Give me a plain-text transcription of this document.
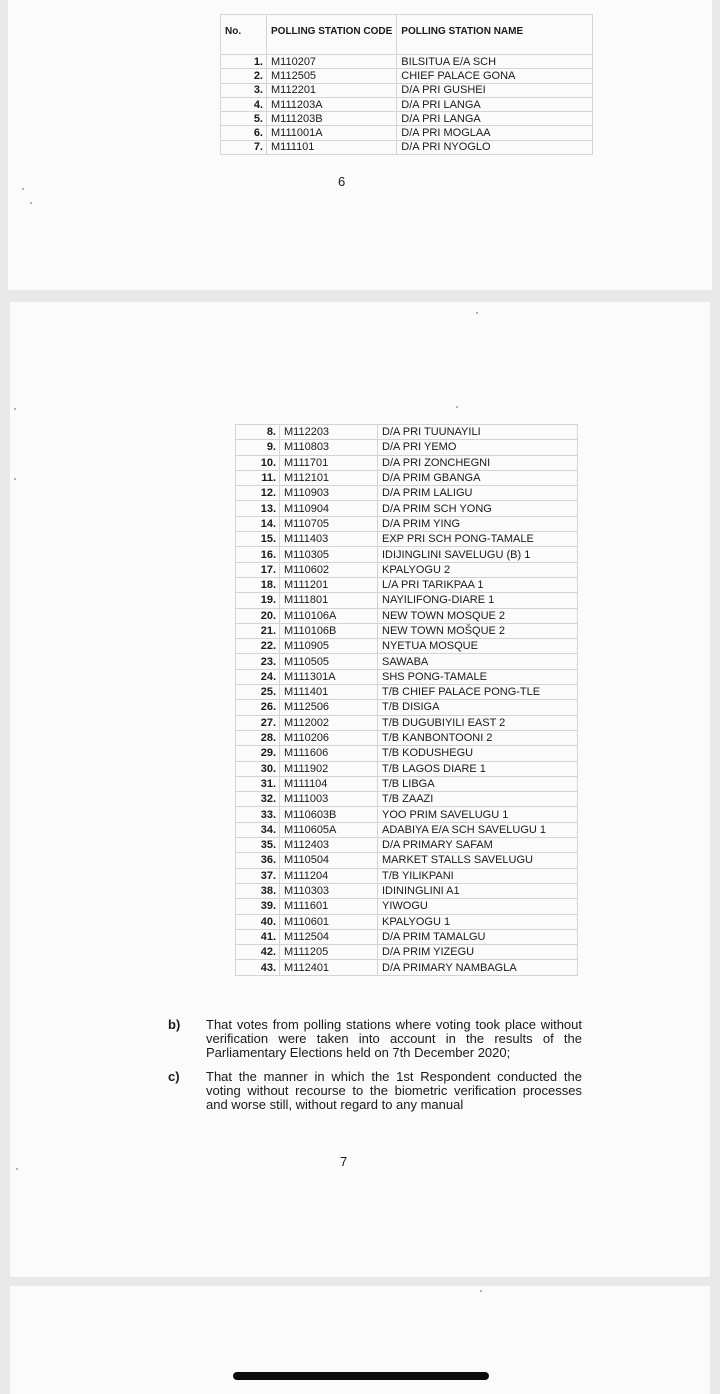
No.	POLLING STATION CODE	POLLING STATION NAME
1.	M110207	BILSITUA E/A SCH
2.	M112505	CHIEF PALACE GONA
3.	M112201	D/A PRI GUSHEI
4.	M111203A	D/A PRI LANGA
5.	M111203B	D/A PRI LANGA
6.	M111001A	D/A PRI MOGLAA
7.	M111101	D/A PRI NYOGLO
6
8.	M112203	D/A PRI TUUNAYILI
9.	M110803	D/A PRI YEMO
10.	M111701	D/A PRI ZONCHEGNI
11.	M112101	D/A PRIM GBANGA
12.	M110903	D/A PRIM LALIGU
13.	M110904	D/A PRIM SCH YONG
14.	M110705	D/A PRIM YING
15.	M111403	EXP PRI SCH PONG-TAMALE
16.	M110305	IDIJINGLINI SAVELUGU (B) 1
17.	M110602	KPALYOGU 2
18.	M111201	L/A PRI TARIKPAA 1
19.	M111801	NAYILIFONG-DIARE 1
20.	M110106A	NEW TOWN MOSQUE 2
21.	M110106B	NEW TOWN MOŠQUE 2
22.	M110905	NYETUA MOSQUE
23.	M110505	SAWABA
24.	M111301A	SHS PONG-TAMALE
25.	M111401	T/B CHIEF PALACE PONG-TLE
26.	M112506	T/B DISIGA
27.	M112002	T/B DUGUBIYILI EAST 2
28.	M110206	T/B KANBONTOONI 2
29.	M111606	T/B KODUSHEGU
30.	M111902	T/B LAGOS DIARE 1
31.	M111104	T/B LIBGA
32.	M111003	T/B ZAAZI
33.	M110603B	YOO PRIM SAVELUGU 1
34.	M110605A	ADABIYA E/A SCH SAVELUGU 1
35.	M112403	D/A PRIMARY SAFAM
36.	M110504	MARKET STALLS SAVELUGU
37.	M111204	T/B YILIKPANI
38.	M110303	IDININGLINI A1
39.	M111601	YIWOGU
40.	M110601	KPALYOGU 1
41.	M112504	D/A PRIM TAMALGU
42.	M111205	D/A PRIM YIZEGU
43.	M112401	D/A PRIMARY NAMBAGLA
b) That votes from polling stations where voting took place without verification were taken into account in the results of the Parliamentary Elections held on 7th December 2020;
c) That the manner in which the 1st Respondent conducted the voting without recourse to the biometric verification processes and worse still, without regard to any manual
7
